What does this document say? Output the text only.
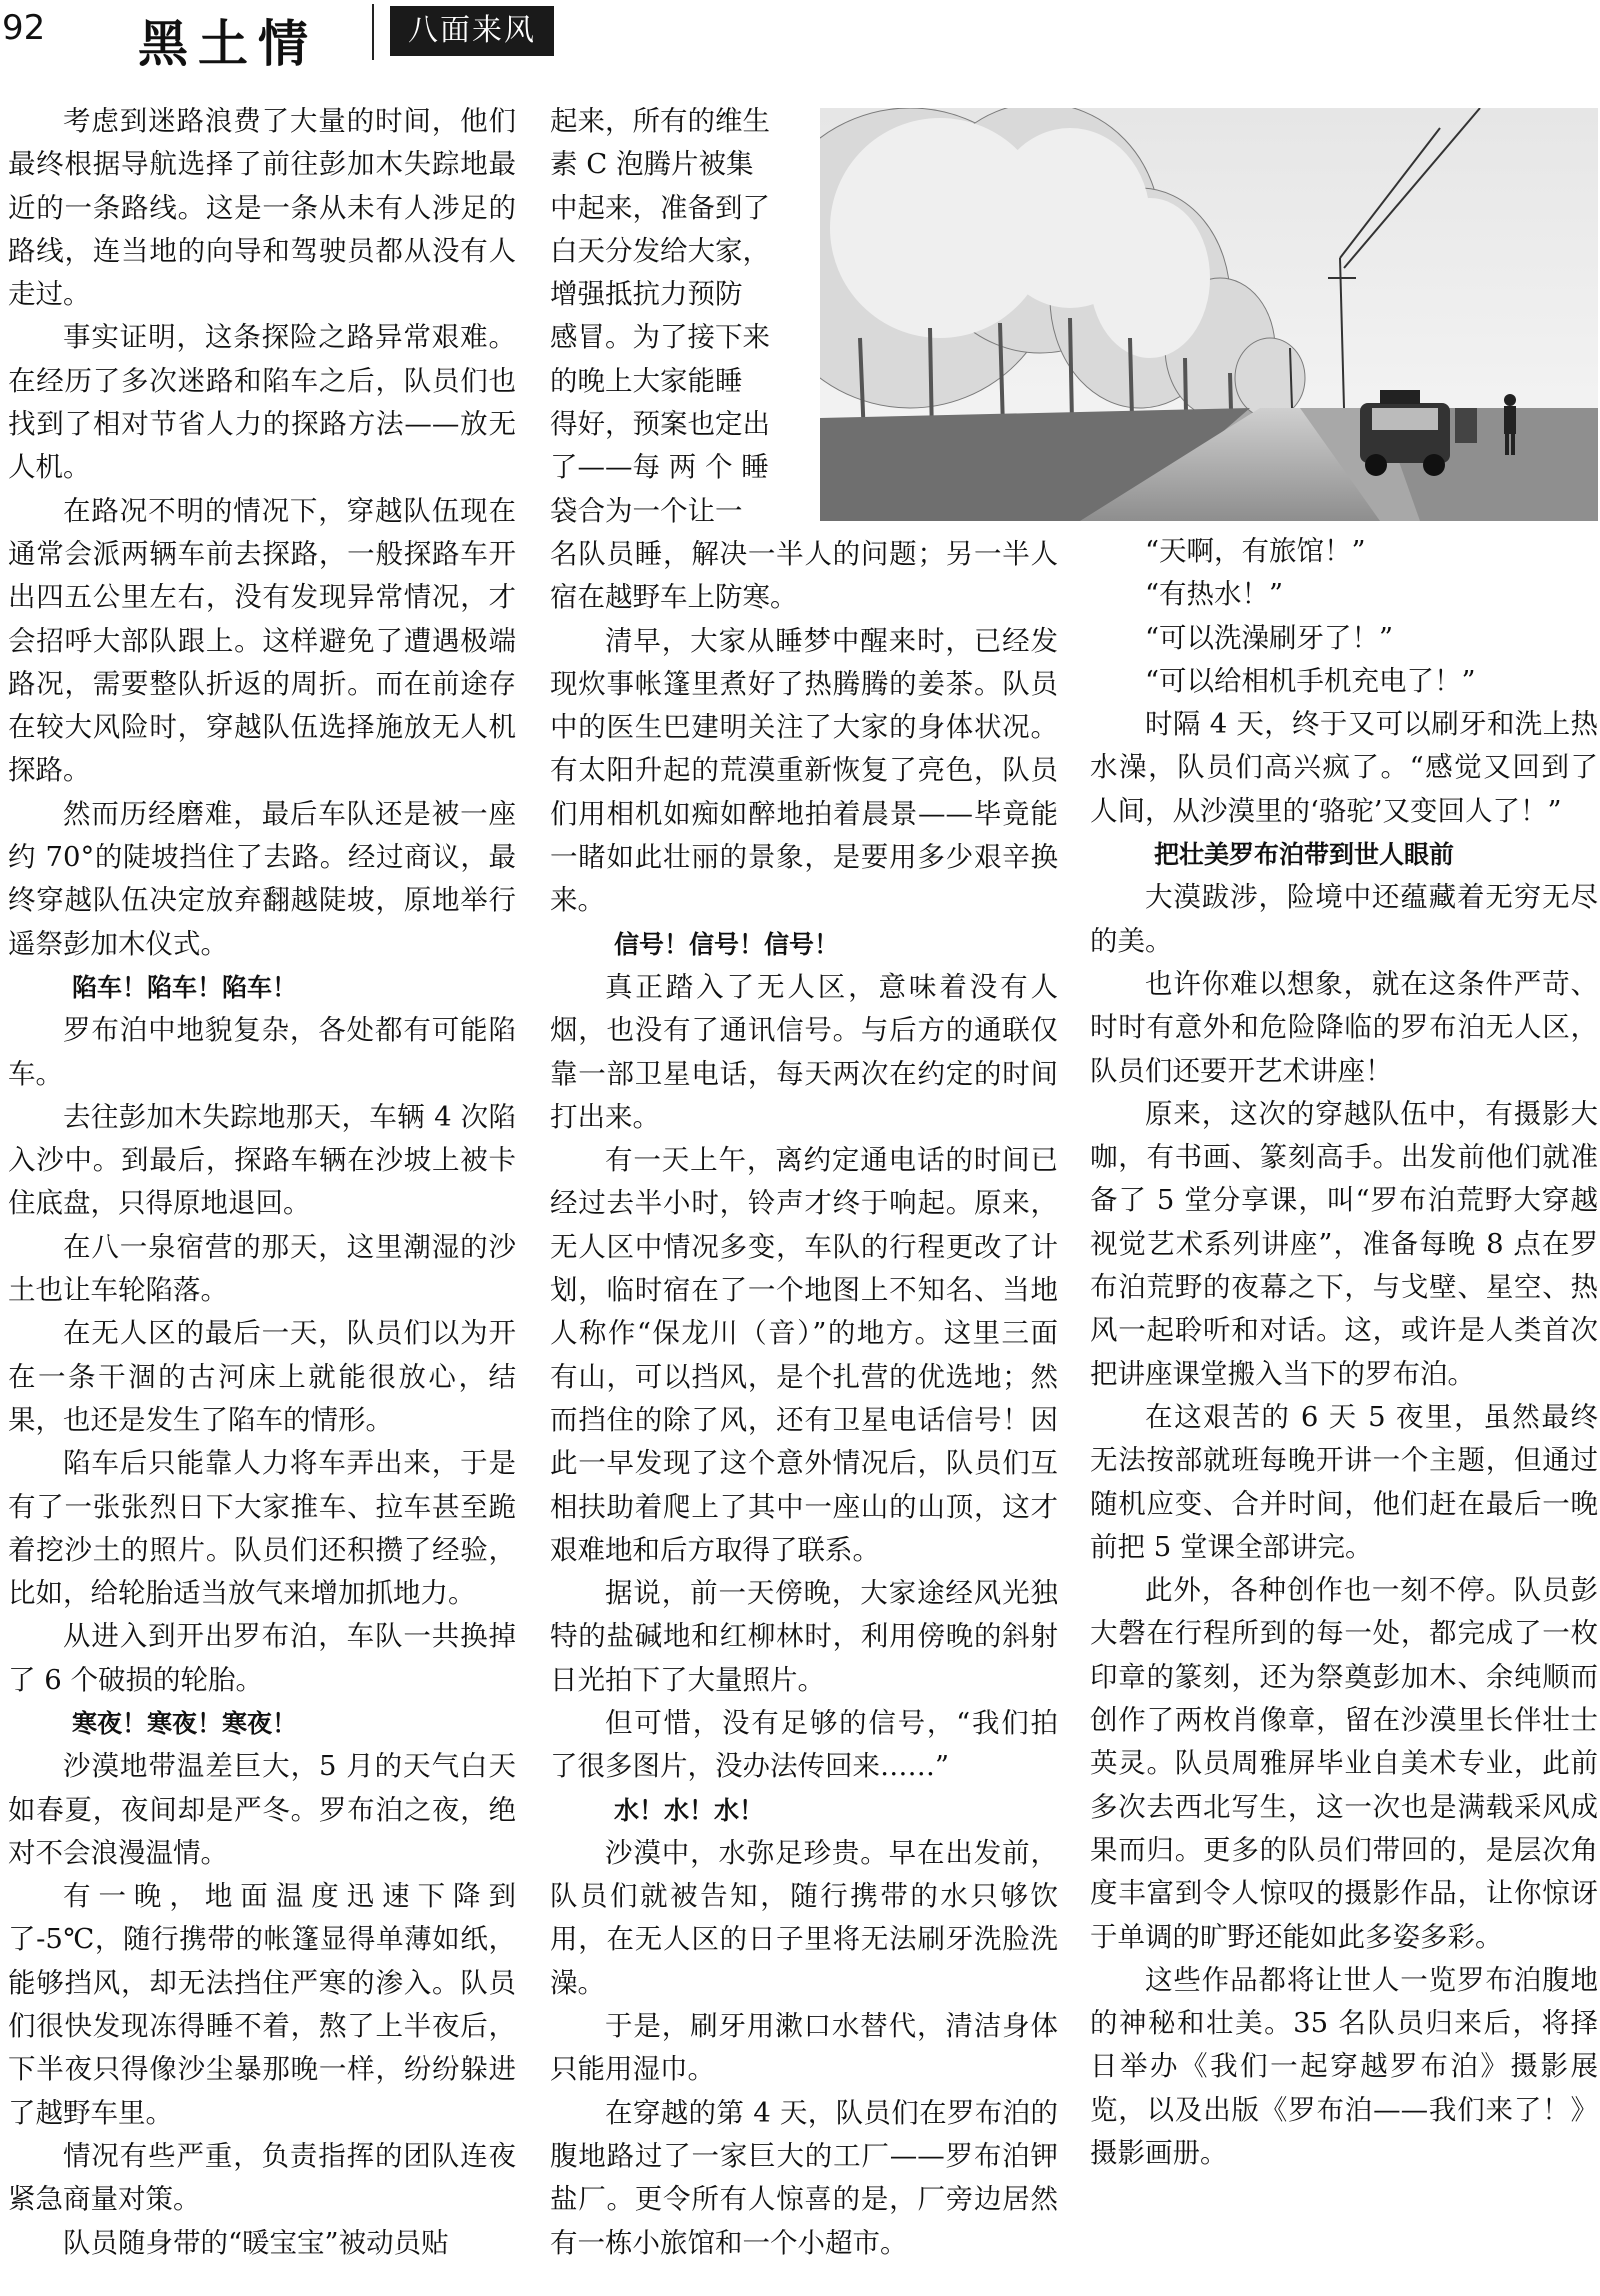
92 黑土情	八面来风

考虑到迷路浪费了大量的时间，他们最终根据导航选择了前往彭加木失踪地最近的一条路线。这是一条从未有人涉足的路线，连当地的向导和驾驶员都从没有人走过。

事实证明，这条探险之路异常艰难。在经历了多次迷路和陷车之后，队员们也找到了相对节省人力的探路方法——放无人机。

在路况不明的情况下，穿越队伍现在通常会派两辆车前去探路，一般探路车开出四五公里左右，没有发现异常情况，才会招呼大部队跟上。这样避免了遭遇极端路况，需要整队折返的周折。而在前途存在较大风险时，穿越队伍选择施放无人机探路。

然而历经磨难，最后车队还是被一座约 70°的陡坡挡住了去路。经过商议，最终穿越队伍决定放弃翻越陡坡，原地举行遥祭彭加木仪式。

陷车！陷车！陷车！

罗布泊中地貌复杂，各处都有可能陷车。

去往彭加木失踪地那天，车辆 4 次陷入沙中。到最后，探路车辆在沙坡上被卡住底盘，只得原地退回。

在八一泉宿营的那天，这里潮湿的沙土也让车轮陷落。

在无人区的最后一天，队员们以为开在一条干涸的古河床上就能很放心，结果，也还是发生了陷车的情形。

陷车后只能靠人力将车弄出来，于是有了一张张烈日下大家推车、拉车甚至跪着挖沙土的照片。队员们还积攒了经验，比如，给轮胎适当放气来增加抓地力。

从进入到开出罗布泊，车队一共换掉了 6 个破损的轮胎。

寒夜！寒夜！寒夜！

沙漠地带温差巨大，5 月的天气白天如春夏，夜间却是严冬。罗布泊之夜，绝对不会浪漫温情。

有一晚，地面温度迅速下降到了-5℃，随行携带的帐篷显得单薄如纸，能够挡风，却无法挡住严寒的渗入。队员们很快发现冻得睡不着，熬了上半夜后，下半夜只得像沙尘暴那晚一样，纷纷躲进了越野车里。

情况有些严重，负责指挥的团队连夜紧急商量对策。

队员随身带的“暖宝宝”被动员贴

起来，所有的维生
素 C 泡腾片被集
中起来，准备到了
白天分发给大家，
增强抵抗力预防
感冒。为了接下来
的晚上大家能睡
得好，预案也定出
了——每 两 个 睡
袋合为一个让一

名队员睡，解决一半人的问题；另一半人宿在越野车上防寒。

清早，大家从睡梦中醒来时，已经发现炊事帐篷里煮好了热腾腾的姜茶。队员中的医生巴建明关注了大家的身体状况。有太阳升起的荒漠重新恢复了亮色，队员们用相机如痴如醉地拍着晨景——毕竟能一睹如此壮丽的景象，是要用多少艰辛换来。

信号！信号！信号！

真正踏入了无人区，意味着没有人烟，也没有了通讯信号。与后方的通联仅靠一部卫星电话，每天两次在约定的时间打出来。

有一天上午，离约定通电话的时间已经过去半小时，铃声才终于响起。原来，无人区中情况多变，车队的行程更改了计划，临时宿在了一个地图上不知名、当地人称作“保龙川（音）”的地方。这里三面有山，可以挡风，是个扎营的优选地；然而挡住的除了风，还有卫星电话信号！因此一早发现了这个意外情况后，队员们互相扶助着爬上了其中一座山的山顶，这才艰难地和后方取得了联系。

据说，前一天傍晚，大家途经风光独特的盐碱地和红柳林时，利用傍晚的斜射日光拍下了大量照片。

但可惜，没有足够的信号，“我们拍了很多图片，没办法传回来……”

水！水！水！

沙漠中，水弥足珍贵。早在出发前，队员们就被告知，随行携带的水只够饮用，在无人区的日子里将无法刷牙洗脸洗澡。

于是，刷牙用漱口水替代，清洁身体只能用湿巾。

在穿越的第 4 天，队员们在罗布泊的腹地路过了一家巨大的工厂——罗布泊钾盐厂。更令所有人惊喜的是，厂旁边居然有一栋小旅馆和一个小超市。

“天啊，有旅馆！”

“有热水！”

“可以洗澡刷牙了！”

“可以给相机手机充电了！”

时隔 4 天，终于又可以刷牙和洗上热水澡，队员们高兴疯了。“感觉又回到了人间，从沙漠里的‘骆驼’又变回人了！”

把壮美罗布泊带到世人眼前

大漠跋涉，险境中还蕴藏着无穷无尽的美。

也许你难以想象，就在这条件严苛、时时有意外和危险降临的罗布泊无人区，队员们还要开艺术讲座！

原来，这次的穿越队伍中，有摄影大咖，有书画、篆刻高手。出发前他们就准备了 5 堂分享课，叫“罗布泊荒野大穿越视觉艺术系列讲座”，准备每晚 8 点在罗布泊荒野的夜幕之下，与戈壁、星空、热风一起聆听和对话。这，或许是人类首次把讲座课堂搬入当下的罗布泊。

在这艰苦的 6 天 5 夜里，虽然最终无法按部就班每晚开讲一个主题，但通过随机应变、合并时间，他们赶在最后一晚前把 5 堂课全部讲完。

此外，各种创作也一刻不停。队员彭大磬在行程所到的每一处，都完成了一枚印章的篆刻，还为祭奠彭加木、余纯顺而创作了两枚肖像章，留在沙漠里长伴壮士英灵。队员周雅屏毕业自美术专业，此前多次去西北写生，这一次也是满载采风成果而归。更多的队员们带回的，是层次角度丰富到令人惊叹的摄影作品，让你惊讶于单调的旷野还能如此多姿多彩。

这些作品都将让世人一览罗布泊腹地的神秘和壮美。35 名队员归来后，将择日举办《我们一起穿越罗布泊》摄影展览，以及出版《罗布泊——我们来了！》摄影画册。
